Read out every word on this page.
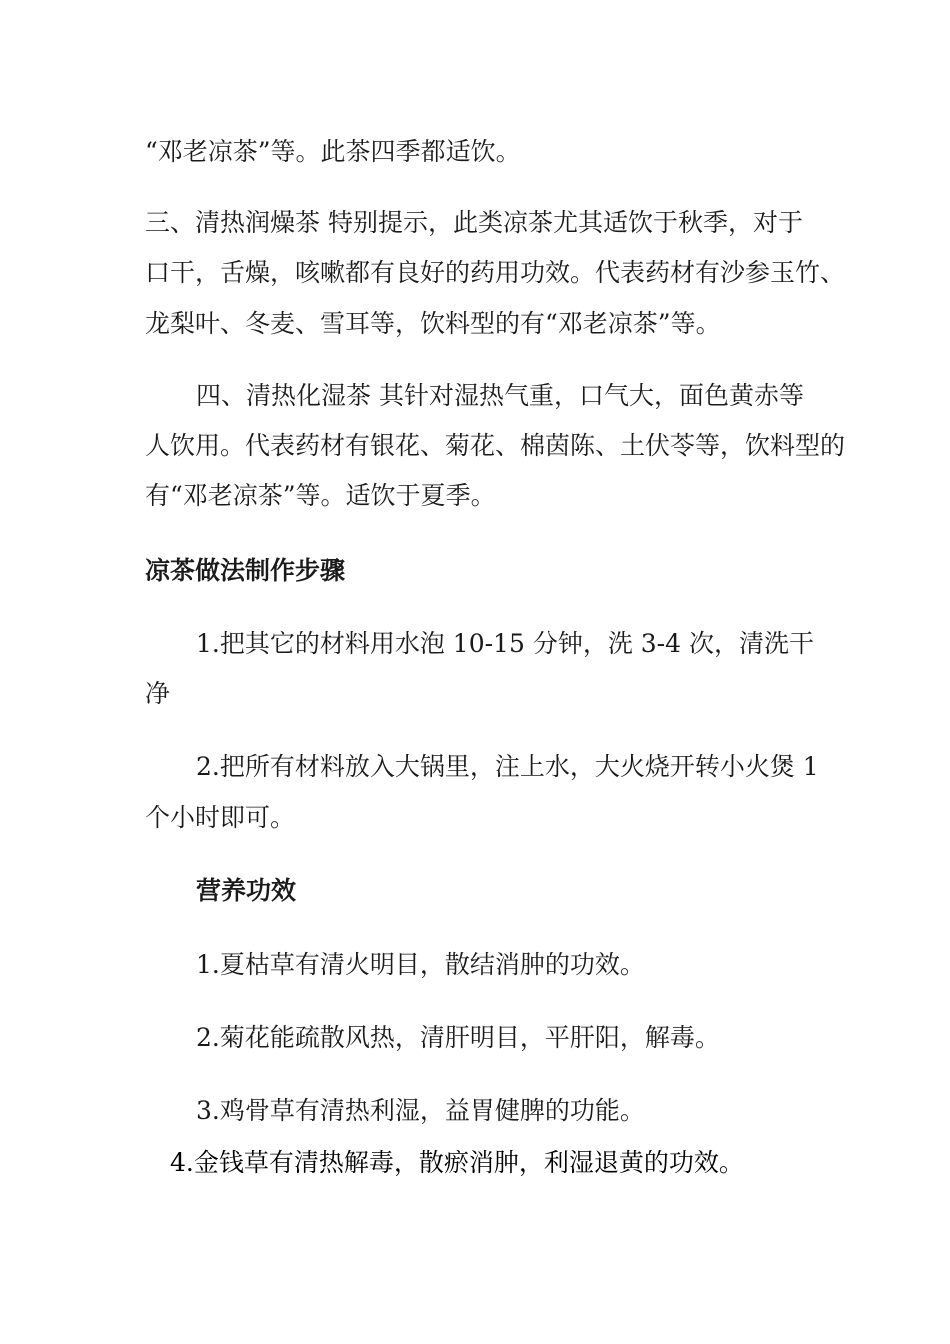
“邓老凉茶”等。此茶四季都适饮。
三、清热润燥茶 特别提示，此类凉茶尤其适饮于秋季，对于
口干，舌燥，咳嗽都有良好的药用功效。代表药材有沙参玉竹、
龙梨叶、冬麦、雪耳等，饮料型的有“邓老凉茶”等。
四、清热化湿茶 其针对湿热气重，口气大，面色黄赤等
人饮用。代表药材有银花、菊花、棉茵陈、土伏苓等，饮料型的
有“邓老凉茶”等。适饮于夏季。
凉茶做法制作步骤
1.把其它的材料用水泡 10-15 分钟，洗 3-4 次，清洗干
净
2.把所有材料放入大锅里，注上水，大火烧开转小火煲 1
个小时即可。
营养功效
1.夏枯草有清火明目，散结消肿的功效。
2.菊花能疏散风热，清肝明目，平肝阳，解毒。
3.鸡骨草有清热利湿，益胃健脾的功能。
4.金钱草有清热解毒，散瘀消肿，利湿退黄的功效。
